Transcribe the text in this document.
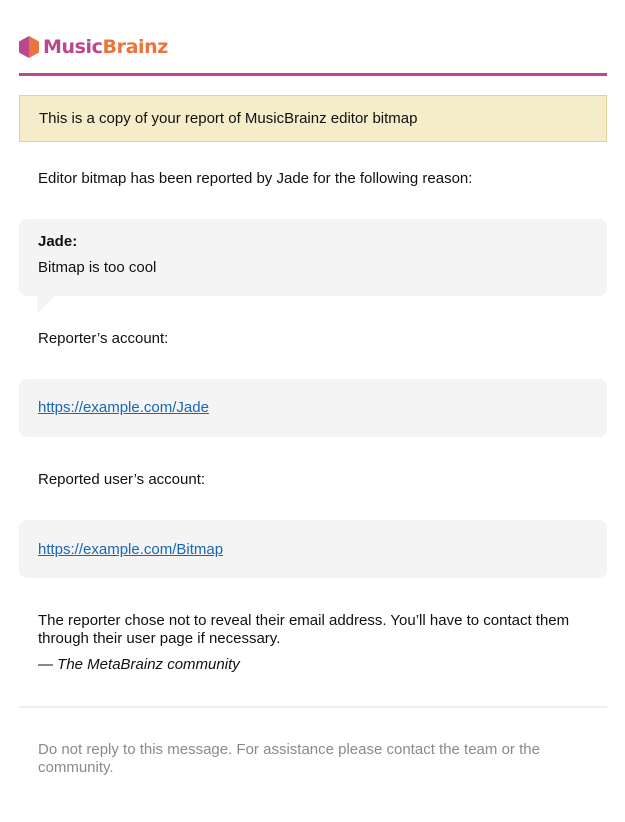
MusicBrainz
This is a copy of your report of MusicBrainz editor bitmap
Editor bitmap has been reported by Jade for the following reason:
Jade:
Bitmap is too cool
Reporter’s account:
https://example.com/Jade
Reported user’s account:
https://example.com/Bitmap
The reporter chose not to reveal their email address. You’ll have to contact them through their user page if necessary.
— The MetaBrainz community
Do not reply to this message. For assistance please contact the team or the community.
